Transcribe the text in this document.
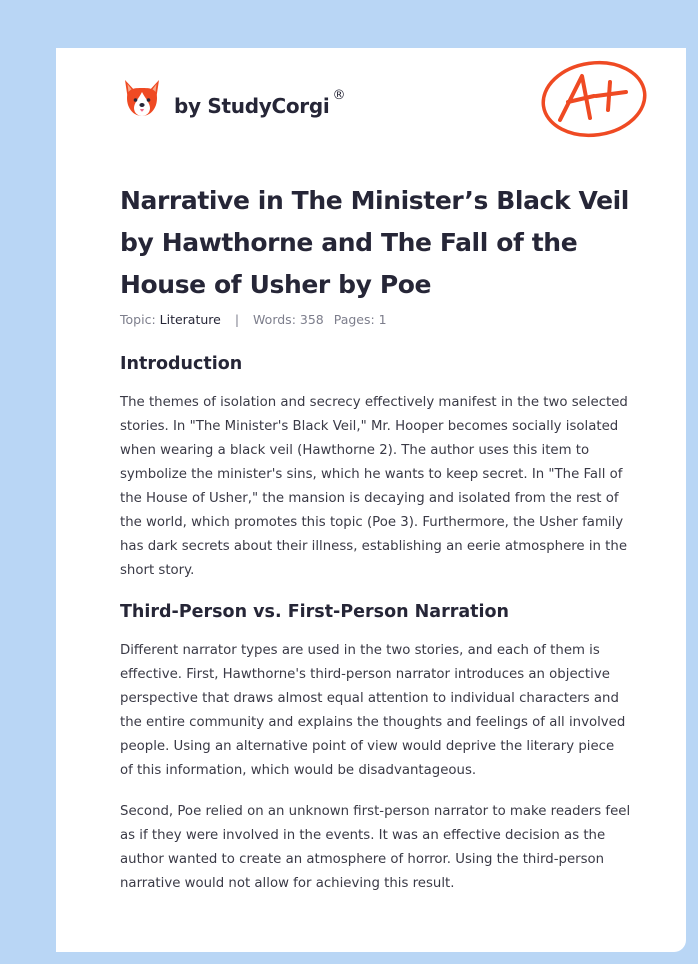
by StudyCorgi ®
Narrative in The Minister’s Black Veil by Hawthorne and The Fall of the House of Usher by Poe
Topic: Literature | Words: 358 Pages: 1
Introduction

The themes of isolation and secrecy effectively manifest in the two selected stories. In "The Minister's Black Veil," Mr. Hooper becomes socially isolated when wearing a black veil (Hawthorne 2). The author uses this item to symbolize the minister's sins, which he wants to keep secret. In "The Fall of the House of Usher," the mansion is decaying and isolated from the rest of the world, which promotes this topic (Poe 3). Furthermore, the Usher family has dark secrets about their illness, establishing an eerie atmosphere in the short story.

Third-Person vs. First-Person Narration

Different narrator types are used in the two stories, and each of them is effective. First, Hawthorne's third-person narrator introduces an objective perspective that draws almost equal attention to individual characters and the entire community and explains the thoughts and feelings of all involved people. Using an alternative point of view would deprive the literary piece of this information, which would be disadvantageous.

Second, Poe relied on an unknown first-person narrator to make readers feel as if they were involved in the events. It was an effective decision as the author wanted to create an atmosphere of horror. Using the third-person narrative would not allow for achieving this result.
